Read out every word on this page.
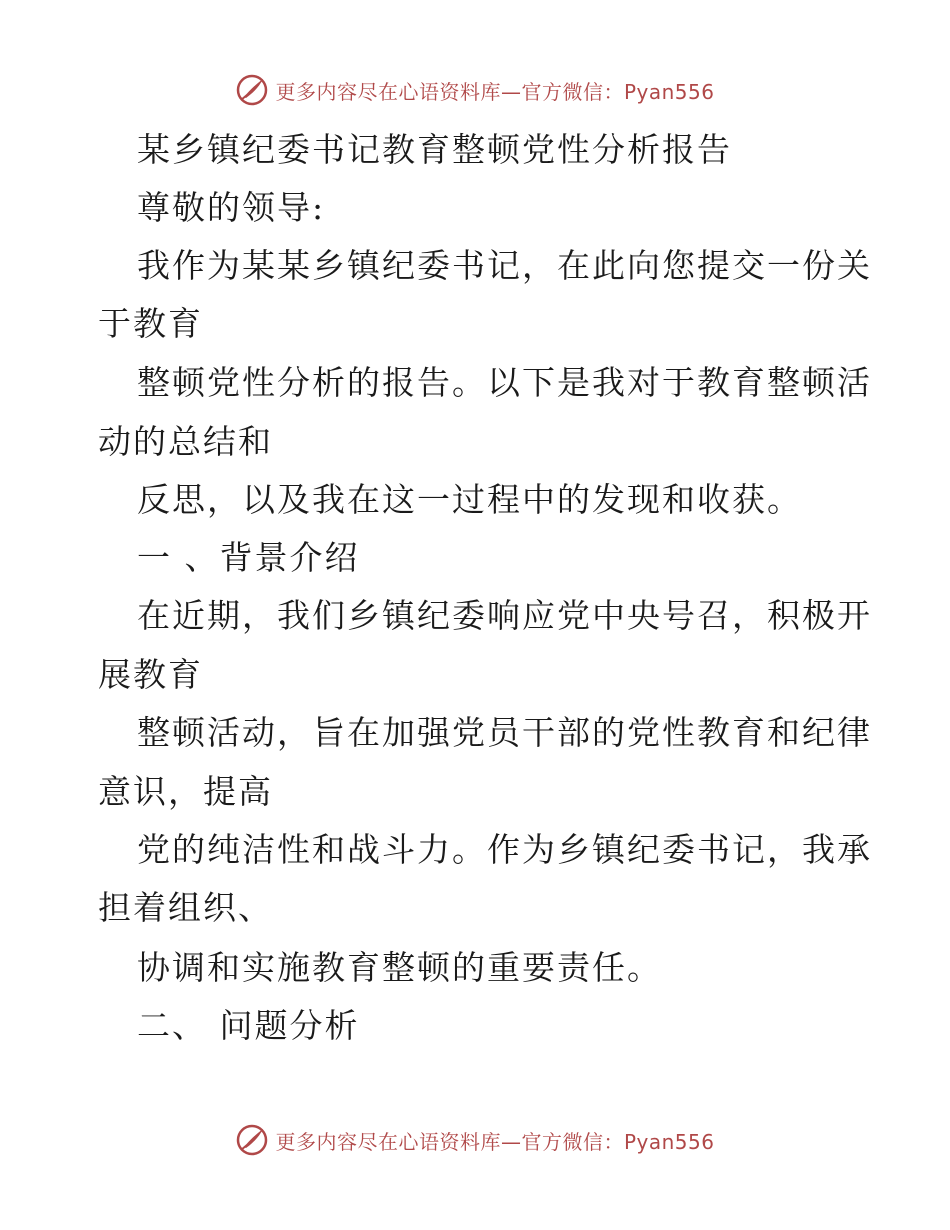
更多内容尽在心语资料库—官方微信：Pyan556
某乡镇纪委书记教育整顿党性分析报告
尊敬的领导:
我作为某某乡镇纪委书记，在此向您提交一份关
于教育
整顿党性分析的报告。以下是我对于教育整顿活
动的总结和
反思，以及我在这一过程中的发现和收获。
一 、背景介绍
在近期，我们乡镇纪委响应党中央号召，积极开
展教育
整顿活动，旨在加强党员干部的党性教育和纪律
意识，提高
党的纯洁性和战斗力。作为乡镇纪委书记，我承
担着组织、
协调和实施教育整顿的重要责任。
二、 问题分析
更多内容尽在心语资料库—官方微信：Pyan556
